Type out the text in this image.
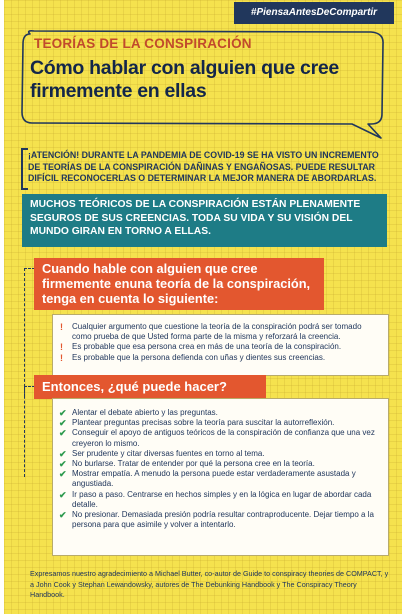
#PiensaAntesDeCompartir
TEORÍAS DE LA CONSPIRACIÓN
Cómo hablar con alguien que cree firmemente en ellas
¡ATENCIÓN! DURANTE LA PANDEMIA DE COVID-19 SE HA VISTO UN INCREMENTO DE TEORÍAS DE LA CONSPIRACIÓN DAÑINAS Y ENGAÑOSAS. PUEDE RESULTAR DIFÍCIL RECONOCERLAS O DETERMINAR LA MEJOR MANERA DE ABORDARLAS.
MUCHOS TEÓRICOS DE LA CONSPIRACIÓN ESTÁN PLENAMENTE SEGUROS DE SUS CREENCIAS. TODA SU VIDA Y SU VISIÓN DEL MUNDO GIRAN EN TORNO A ELLAS.
Cuando hable con alguien que cree firmemente enuna teoría de la conspiración, tenga en cuenta lo siguiente:
! Cualquier argumento que cuestione la teoría de la conspiración podrá ser tomado como prueba de que Usted forma parte de la misma y reforzará la creencia.
! Es probable que esa persona crea en más de una teoría de la conspiración.
! Es probable que la persona defienda con uñas y dientes sus creencias.
Entonces, ¿qué puede hacer?
✔ Alentar el debate abierto y las preguntas.
✔ Plantear preguntas precisas sobre la teoría para suscitar la autorreflexión.
✔ Conseguir el apoyo de antiguos teóricos de la conspiración de confianza que una vez creyeron lo mismo.
✔ Ser prudente y citar diversas fuentes en torno al tema.
✔ No burlarse. Tratar de entender por qué la persona cree en la teoría.
✔ Mostrar empatía. A menudo la persona puede estar verdaderamente asustada y angustiada.
✔ Ir paso a paso. Centrarse en hechos simples y en la lógica en lugar de abordar cada detalle.
✔ No presionar. Demasiada presión podría resultar contraproducente. Dejar tiempo a la persona para que asimile y volver a intentarlo.
Expresamos nuestro agradecimiento a Michael Butter, co-autor de Guide to conspiracy theories de COMPACT, y a John Cook y Stephan Lewandowsky, autores de The Debunking Handbook y The Conspiracy Theory Handbook.
